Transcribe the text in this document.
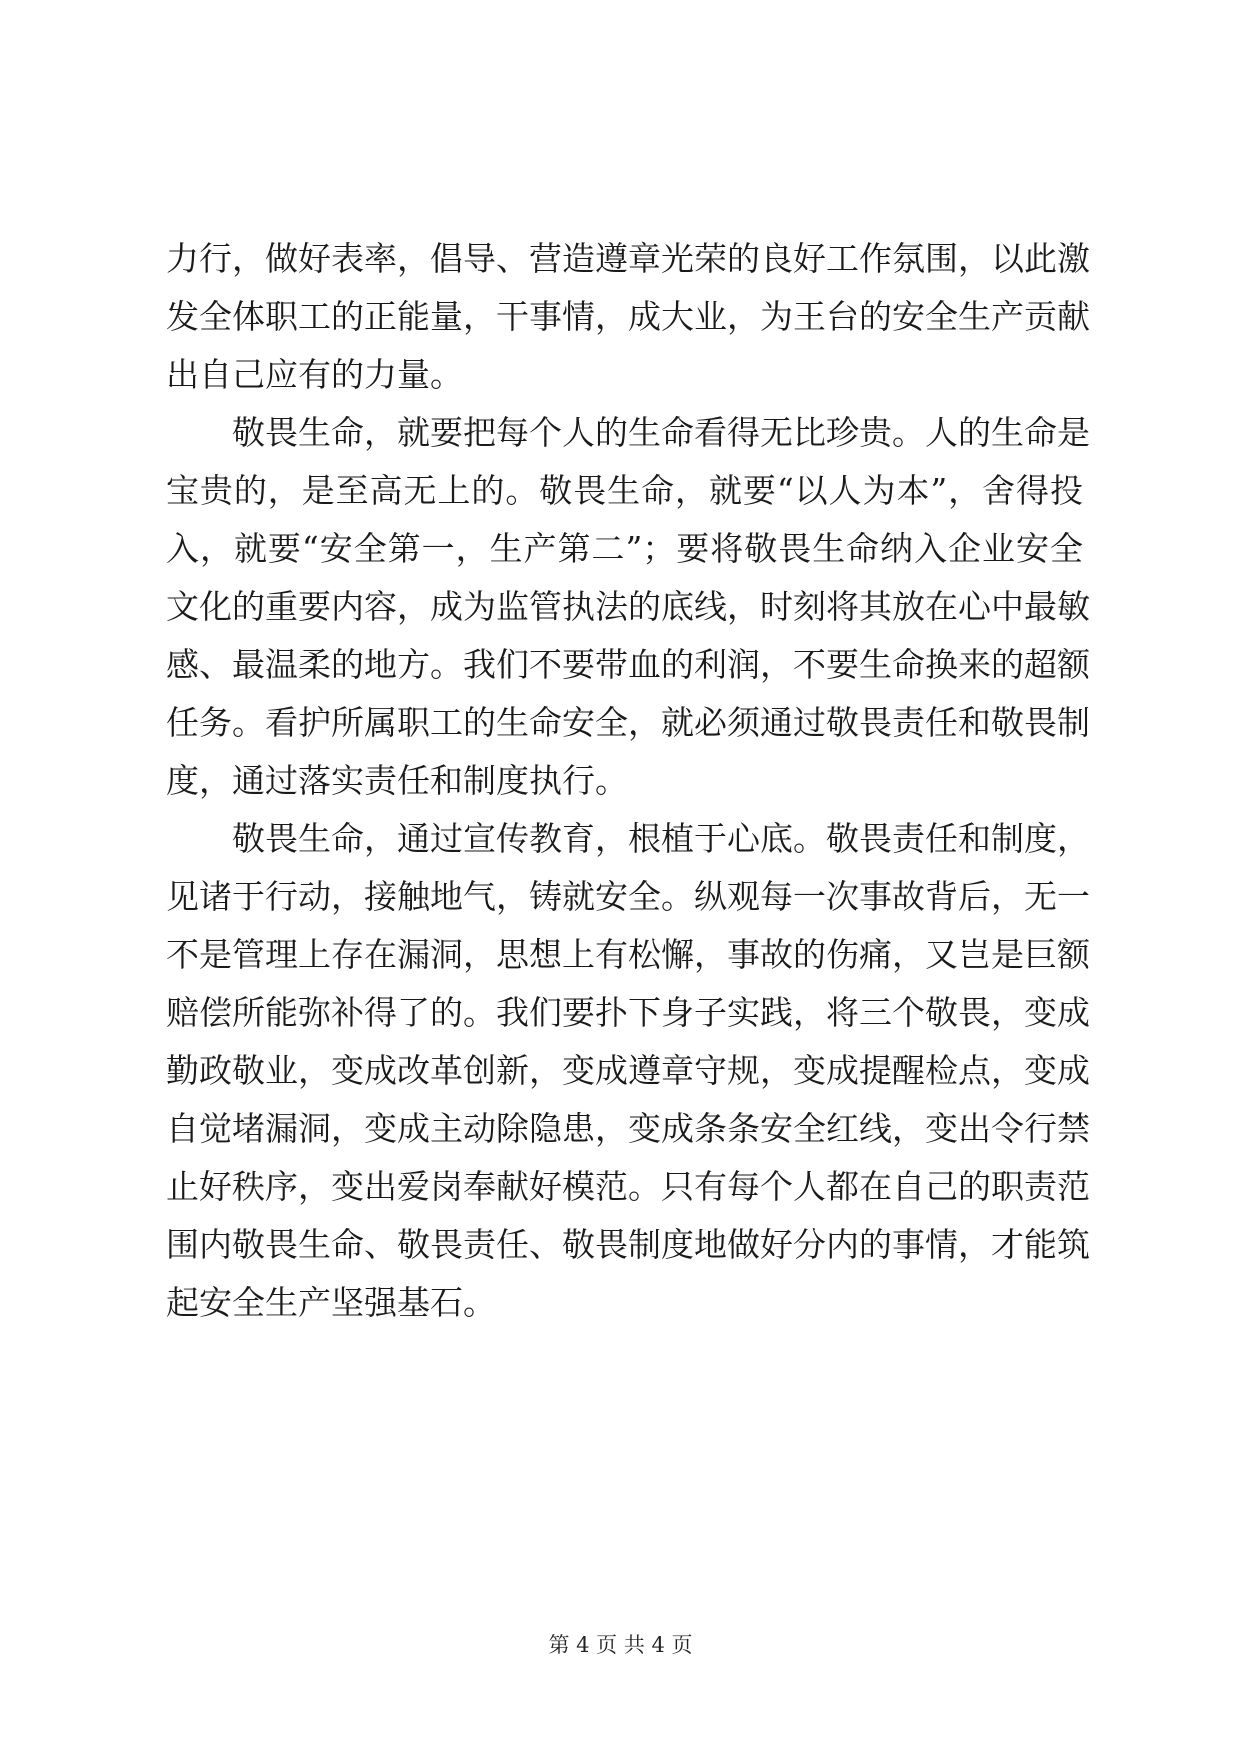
力行，做好表率，倡导、营造遵章光荣的良好工作氛围，以此激
发全体职工的正能量，干事情，成大业，为王台的安全生产贡献
出自己应有的力量。
敬畏生命，就要把每个人的生命看得无比珍贵。人的生命是
宝贵的，是至高无上的。敬畏生命，就要“以人为本”，舍得投
入，就要“安全第一，生产第二”；要将敬畏生命纳入企业安全
文化的重要内容，成为监管执法的底线，时刻将其放在心中最敏
感、最温柔的地方。我们不要带血的利润，不要生命换来的超额
任务。看护所属职工的生命安全，就必须通过敬畏责任和敬畏制
度，通过落实责任和制度执行。
敬畏生命，通过宣传教育，根植于心底。敬畏责任和制度，
见诸于行动，接触地气，铸就安全。纵观每一次事故背后，无一
不是管理上存在漏洞，思想上有松懈，事故的伤痛，又岂是巨额
赔偿所能弥补得了的。我们要扑下身子实践，将三个敬畏，变成
勤政敬业，变成改革创新，变成遵章守规，变成提醒检点，变成
自觉堵漏洞，变成主动除隐患，变成条条安全红线，变出令行禁
止好秩序，变出爱岗奉献好模范。只有每个人都在自己的职责范
围内敬畏生命、敬畏责任、敬畏制度地做好分内的事情，才能筑
起安全生产坚强基石。
第 4 页 共 4 页
